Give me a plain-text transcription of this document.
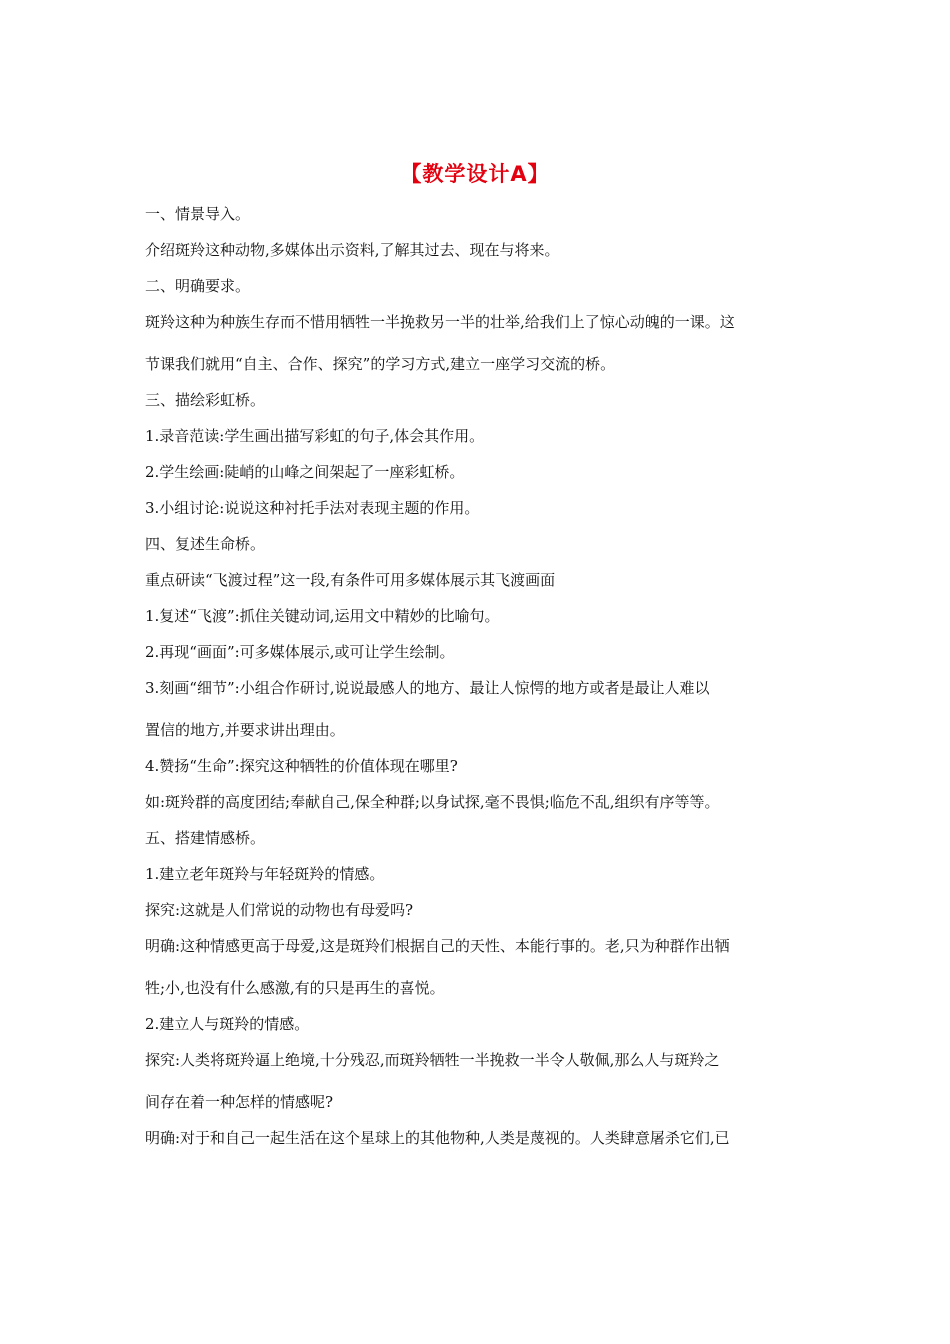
【教学设计A】

一、情景导入。

介绍斑羚这种动物,多媒体出示资料,了解其过去、现在与将来。

二、明确要求。

斑羚这种为种族生存而不惜用牺牲一半挽救另一半的壮举,给我们上了惊心动魄的一课。这
节课我们就用“自主、合作、探究”的学习方式,建立一座学习交流的桥。

三、描绘彩虹桥。

1.录音范读:学生画出描写彩虹的句子,体会其作用。

2.学生绘画:陡峭的山峰之间架起了一座彩虹桥。

3.小组讨论:说说这种衬托手法对表现主题的作用。

四、复述生命桥。

重点研读“飞渡过程”这一段,有条件可用多媒体展示其飞渡画面

1.复述“飞渡”:抓住关键动词,运用文中精妙的比喻句。

2.再现“画面”:可多媒体展示,或可让学生绘制。

3.刻画“细节”:小组合作研讨,说说最感人的地方、最让人惊愕的地方或者是最让人难以
置信的地方,并要求讲出理由。

4.赞扬“生命”:探究这种牺牲的价值体现在哪里?

如:斑羚群的高度团结;奉献自己,保全种群;以身试探,毫不畏惧;临危不乱,组织有序等等。

五、搭建情感桥。

1.建立老年斑羚与年轻斑羚的情感。

探究:这就是人们常说的动物也有母爱吗?

明确:这种情感更高于母爱,这是斑羚们根据自己的天性、本能行事的。老,只为种群作出牺
牲;小,也没有什么感激,有的只是再生的喜悦。

2.建立人与斑羚的情感。

探究:人类将斑羚逼上绝境,十分残忍,而斑羚牺牲一半挽救一半令人敬佩,那么人与斑羚之
间存在着一种怎样的情感呢?

明确:对于和自己一起生活在这个星球上的其他物种,人类是蔑视的。人类肆意屠杀它们,已
